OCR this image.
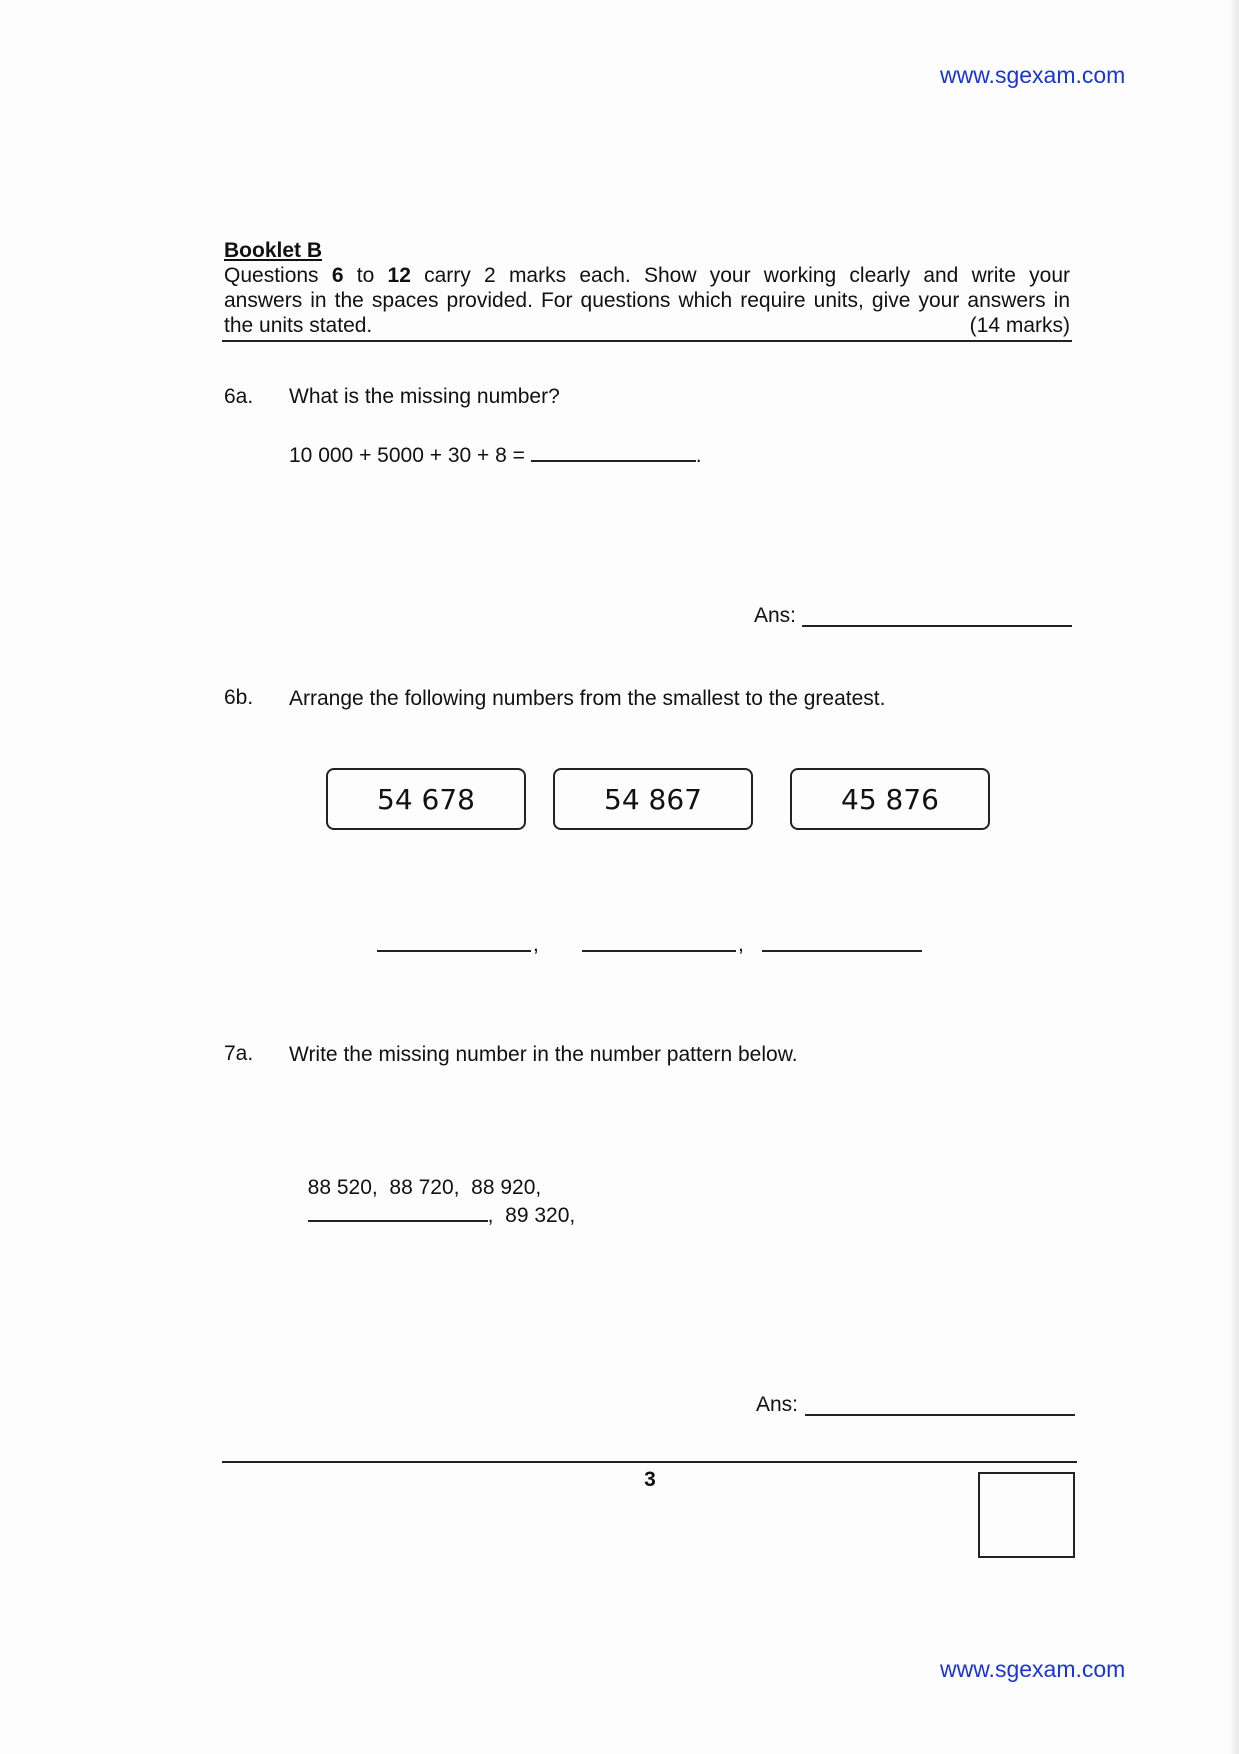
www.sgexam.com
Booklet B
Questions 6 to 12 carry 2 marks each. Show your working clearly and write your
answers in the spaces provided. For questions which require units, give your answers in
the units stated.	(14 marks)
6a. What is the missing number?
10 000 + 5000 + 30 + 8 =	.
Ans:
6b. Arrange the following numbers from the smallest to the greatest.
54 678	54 867	45 876
,	,
7a. Write the missing number in the number pattern below.

88 520,  88 720,  88 920,
,  89 320,

Ans:
3
www.sgexam.com
